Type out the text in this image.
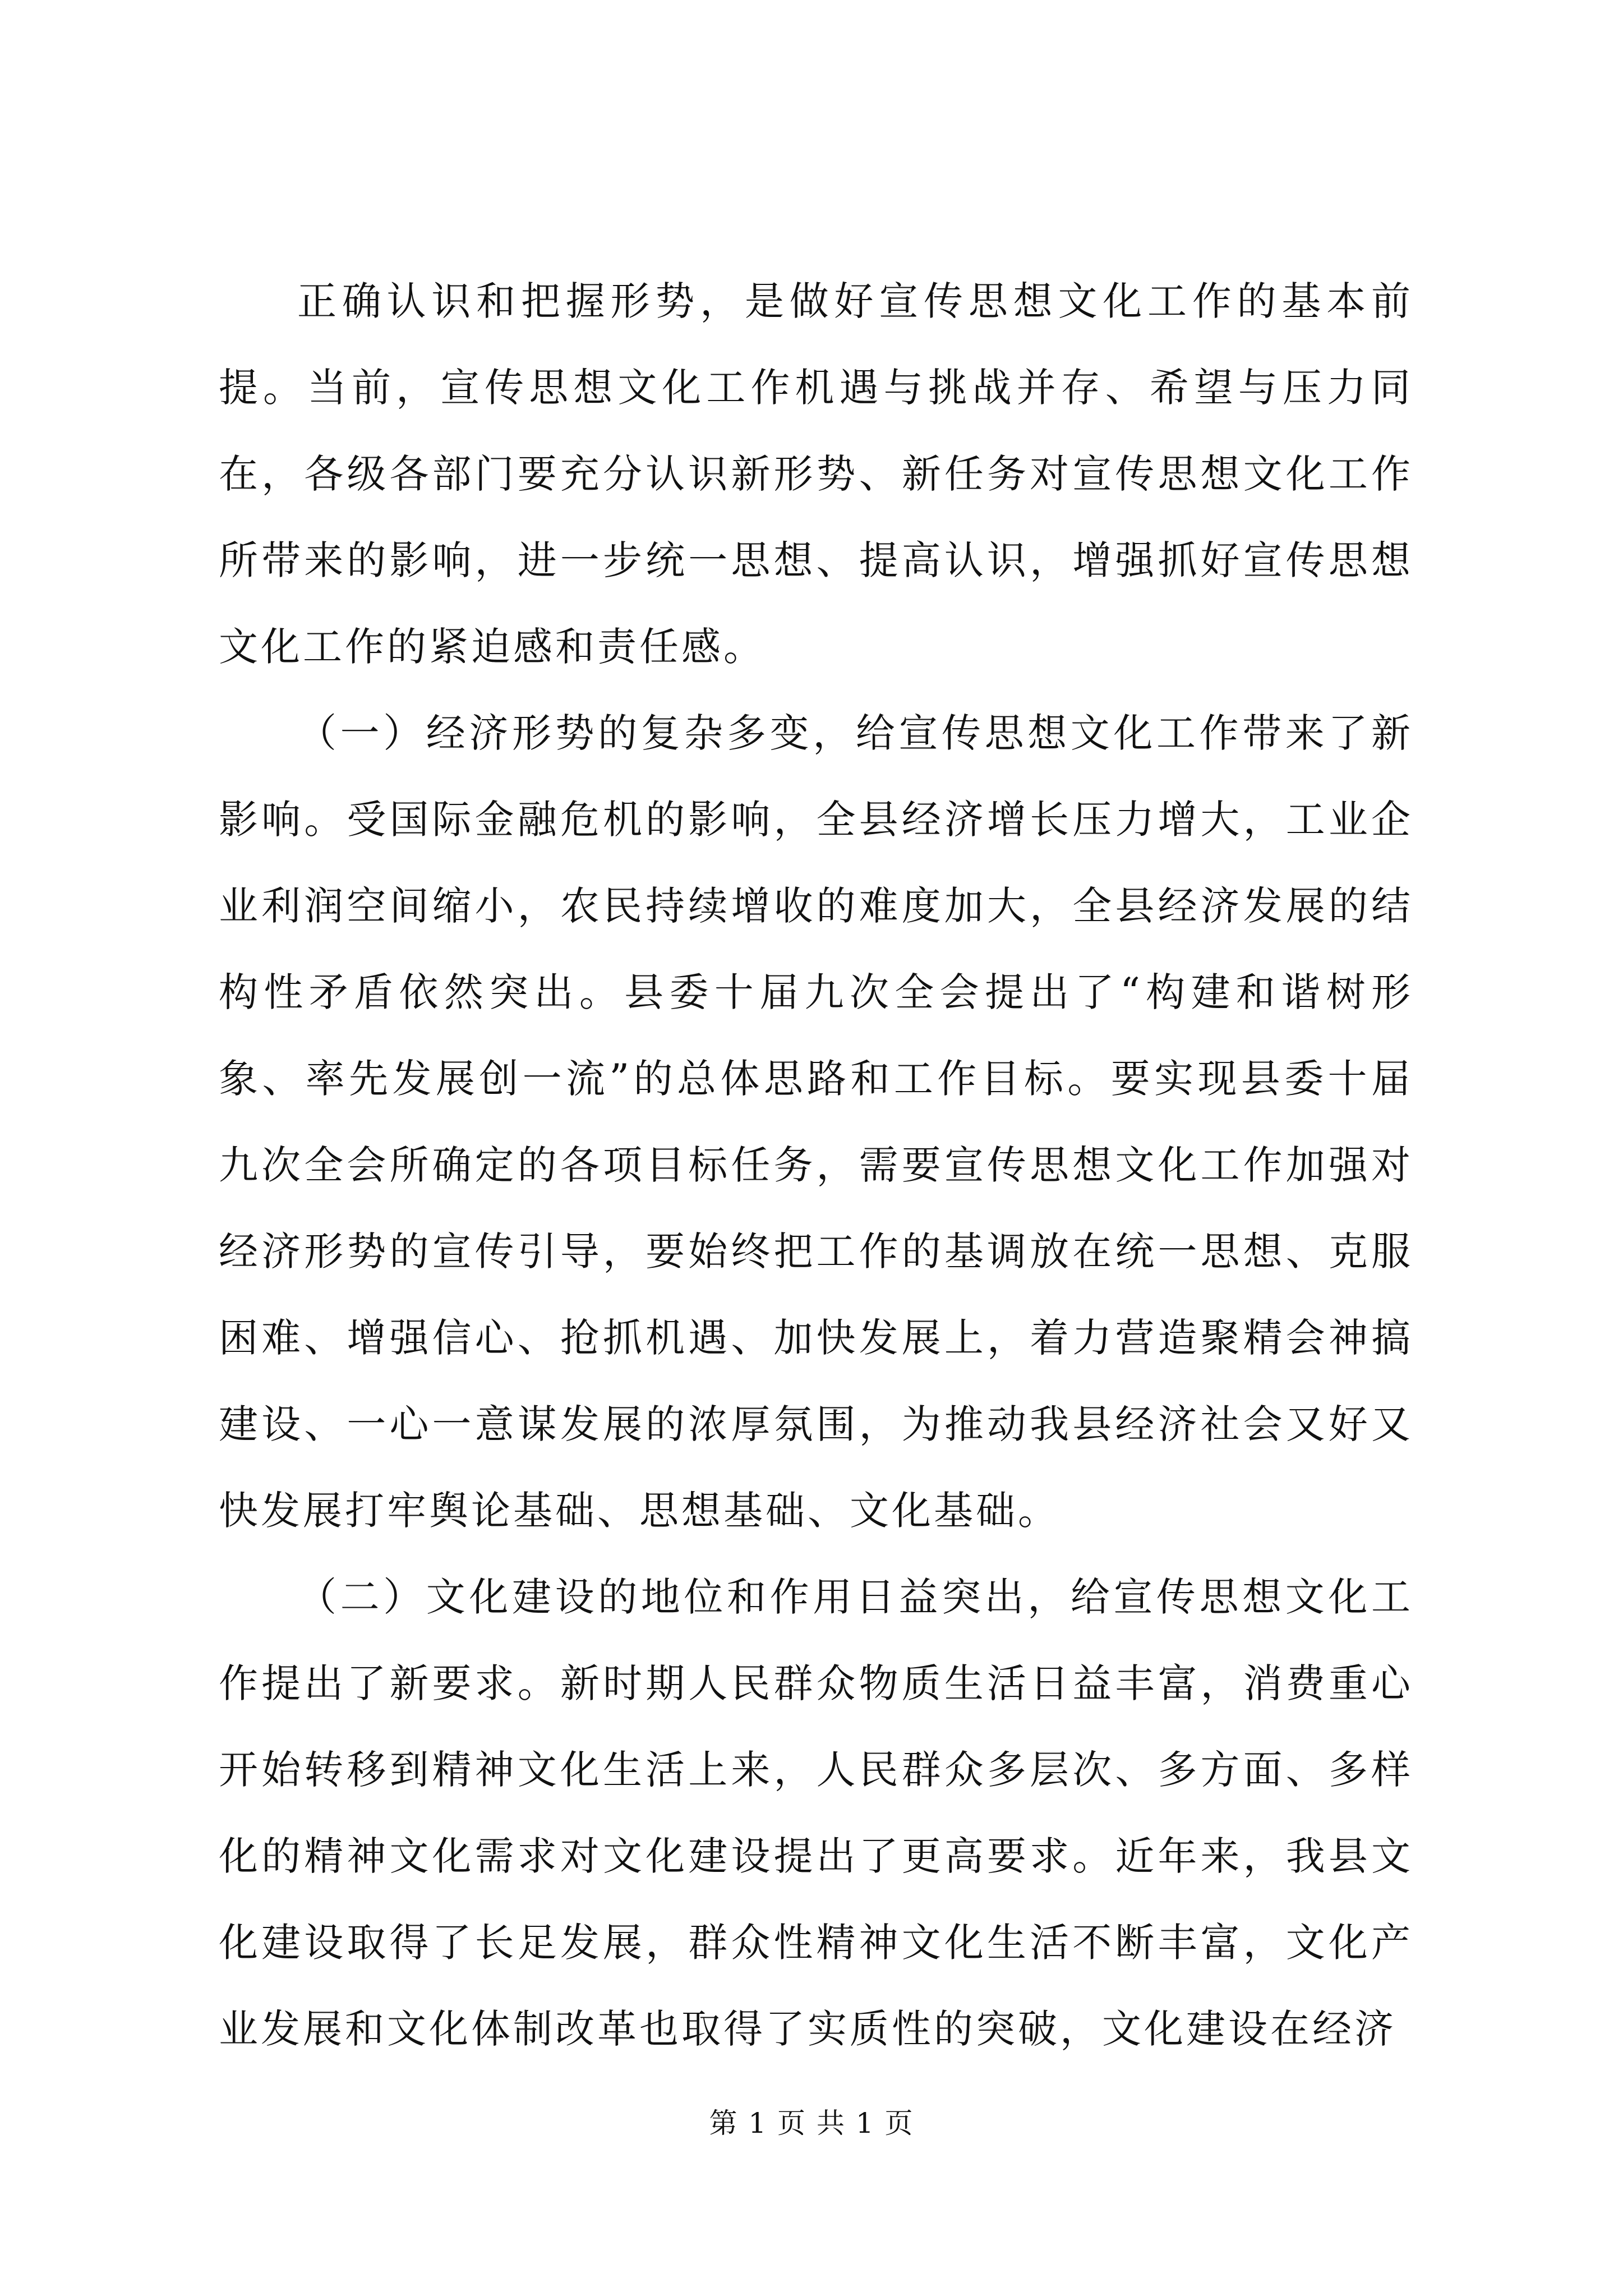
正确认识和把握形势，是做好宣传思想文化工作的基本前提。当前，宣传思想文化工作机遇与挑战并存、希望与压力同在，各级各部门要充分认识新形势、新任务对宣传思想文化工作所带来的影响，进一步统一思想、提高认识，增强抓好宣传思想文化工作的紧迫感和责任感。

（一）经济形势的复杂多变，给宣传思想文化工作带来了新影响。受国际金融危机的影响，全县经济增长压力增大，工业企业利润空间缩小，农民持续增收的难度加大，全县经济发展的结构性矛盾依然突出。县委十届九次全会提出了“构建和谐树形象、率先发展创一流”的总体思路和工作目标。要实现县委十届九次全会所确定的各项目标任务，需要宣传思想文化工作加强对经济形势的宣传引导，要始终把工作的基调放在统一思想、克服困难、增强信心、抢抓机遇、加快发展上，着力营造聚精会神搞建设、一心一意谋发展的浓厚氛围，为推动我县经济社会又好又快发展打牢舆论基础、思想基础、文化基础。

（二）文化建设的地位和作用日益突出，给宣传思想文化工作提出了新要求。新时期人民群众物质生活日益丰富，消费重心开始转移到精神文化生活上来，人民群众多层次、多方面、多样化的精神文化需求对文化建设提出了更高要求。近年来，我县文化建设取得了长足发展，群众性精神文化生活不断丰富，文化产业发展和文化体制改革也取得了实质性的突破，文化建设在经济

第 1 页 共 1 页
